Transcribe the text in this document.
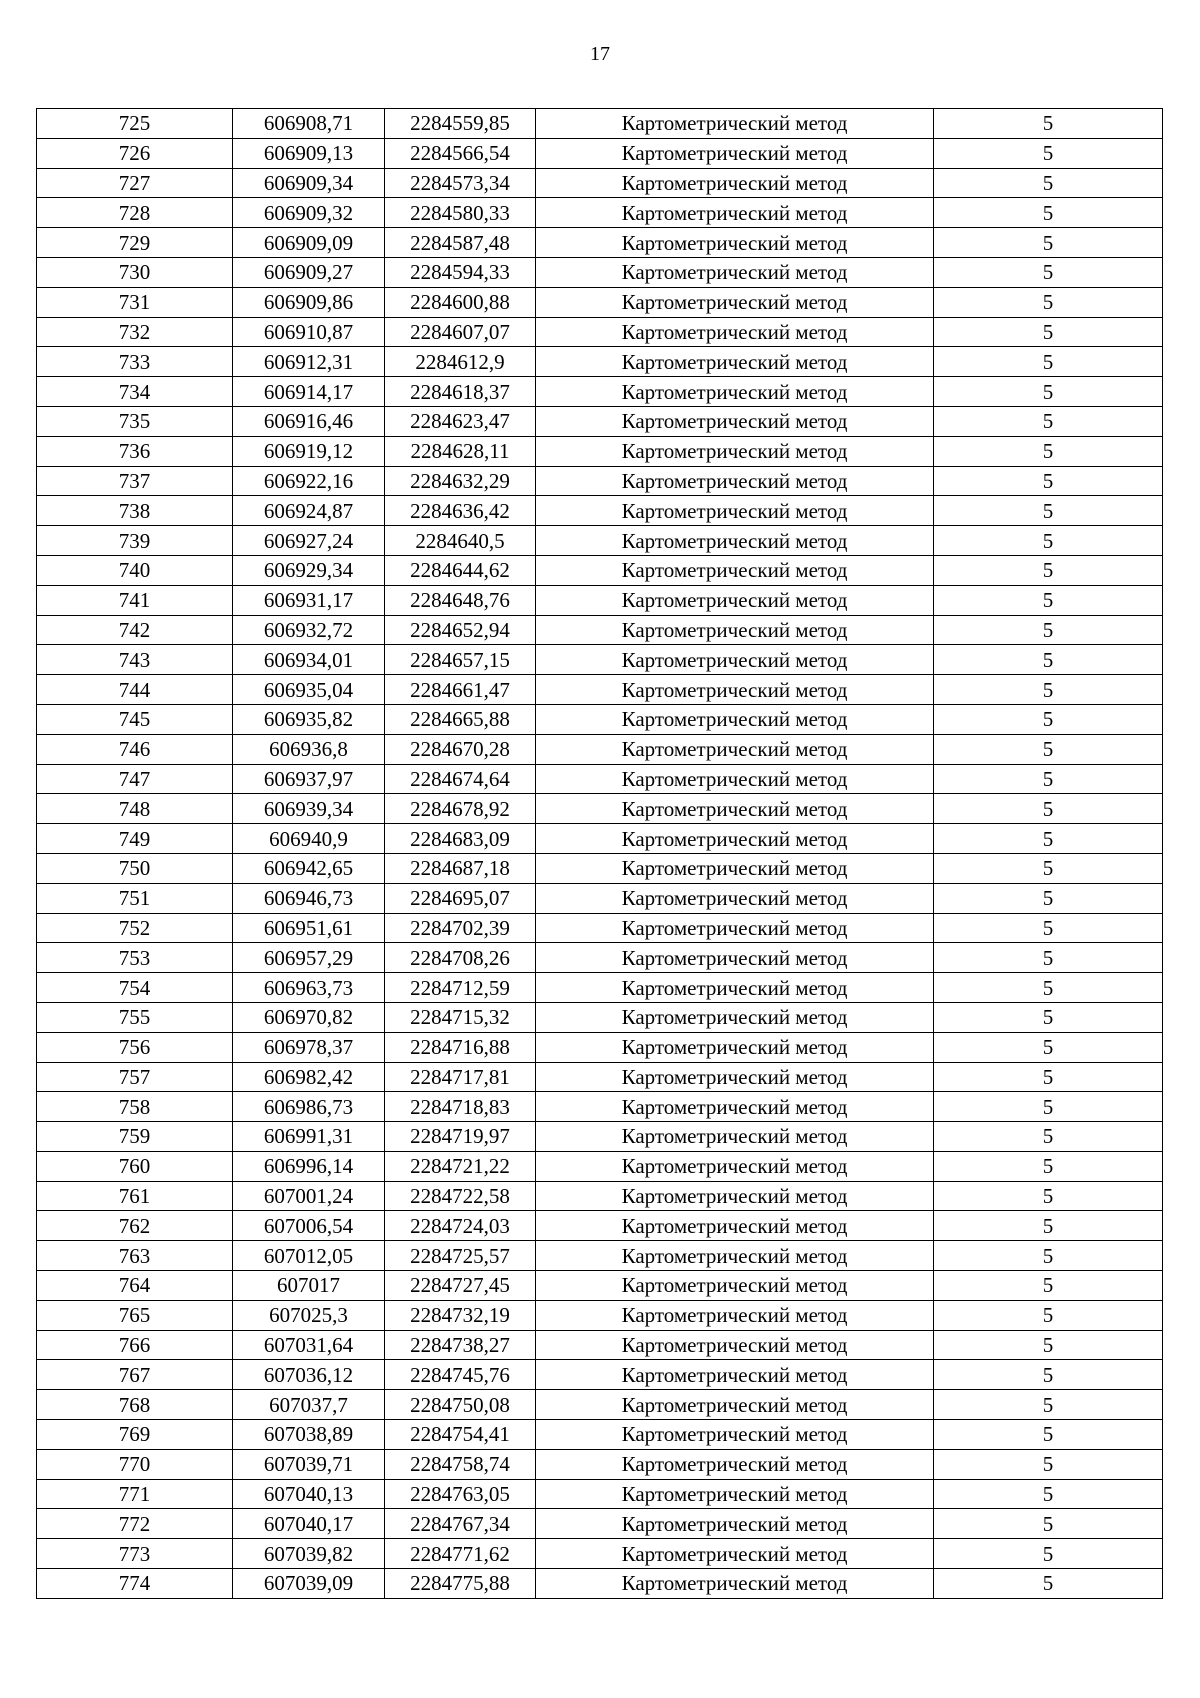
17
725	606908,71	2284559,85	Картометрический метод	5
726	606909,13	2284566,54	Картометрический метод	5
727	606909,34	2284573,34	Картометрический метод	5
728	606909,32	2284580,33	Картометрический метод	5
729	606909,09	2284587,48	Картометрический метод	5
730	606909,27	2284594,33	Картометрический метод	5
731	606909,86	2284600,88	Картометрический метод	5
732	606910,87	2284607,07	Картометрический метод	5
733	606912,31	2284612,9	Картометрический метод	5
734	606914,17	2284618,37	Картометрический метод	5
735	606916,46	2284623,47	Картометрический метод	5
736	606919,12	2284628,11	Картометрический метод	5
737	606922,16	2284632,29	Картометрический метод	5
738	606924,87	2284636,42	Картометрический метод	5
739	606927,24	2284640,5	Картометрический метод	5
740	606929,34	2284644,62	Картометрический метод	5
741	606931,17	2284648,76	Картометрический метод	5
742	606932,72	2284652,94	Картометрический метод	5
743	606934,01	2284657,15	Картометрический метод	5
744	606935,04	2284661,47	Картометрический метод	5
745	606935,82	2284665,88	Картометрический метод	5
746	606936,8	2284670,28	Картометрический метод	5
747	606937,97	2284674,64	Картометрический метод	5
748	606939,34	2284678,92	Картометрический метод	5
749	606940,9	2284683,09	Картометрический метод	5
750	606942,65	2284687,18	Картометрический метод	5
751	606946,73	2284695,07	Картометрический метод	5
752	606951,61	2284702,39	Картометрический метод	5
753	606957,29	2284708,26	Картометрический метод	5
754	606963,73	2284712,59	Картометрический метод	5
755	606970,82	2284715,32	Картометрический метод	5
756	606978,37	2284716,88	Картометрический метод	5
757	606982,42	2284717,81	Картометрический метод	5
758	606986,73	2284718,83	Картометрический метод	5
759	606991,31	2284719,97	Картометрический метод	5
760	606996,14	2284721,22	Картометрический метод	5
761	607001,24	2284722,58	Картометрический метод	5
762	607006,54	2284724,03	Картометрический метод	5
763	607012,05	2284725,57	Картометрический метод	5
764	607017	2284727,45	Картометрический метод	5
765	607025,3	2284732,19	Картометрический метод	5
766	607031,64	2284738,27	Картометрический метод	5
767	607036,12	2284745,76	Картометрический метод	5
768	607037,7	2284750,08	Картометрический метод	5
769	607038,89	2284754,41	Картометрический метод	5
770	607039,71	2284758,74	Картометрический метод	5
771	607040,13	2284763,05	Картометрический метод	5
772	607040,17	2284767,34	Картометрический метод	5
773	607039,82	2284771,62	Картометрический метод	5
774	607039,09	2284775,88	Картометрический метод	5
